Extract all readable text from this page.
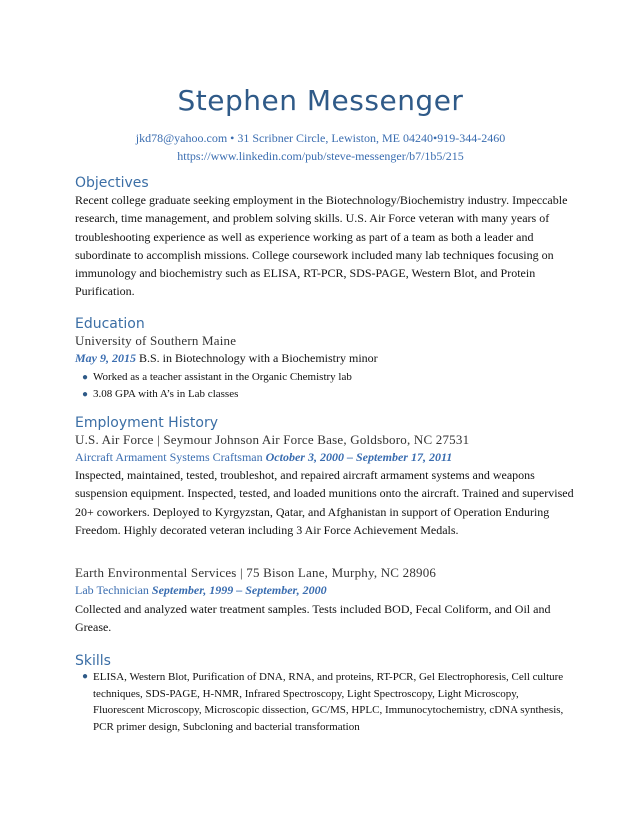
Stephen Messenger
jkd78@yahoo.com • 31 Scribner Circle, Lewiston, ME 04240•919-344-2460
https://www.linkedin.com/pub/steve-messenger/b7/1b5/215
Objectives
Recent college graduate seeking employment in the Biotechnology/Biochemistry industry. Impeccable research, time management, and problem solving skills. U.S. Air Force veteran with many years of troubleshooting experience as well as experience working as part of a team as both a leader and subordinate to accomplish missions. College coursework included many lab techniques focusing on immunology and biochemistry such as ELISA, RT-PCR, SDS-PAGE, Western Blot, and Protein Purification.
Education
University of Southern Maine
May 9, 2015 B.S. in Biotechnology with a Biochemistry minor
● Worked as a teacher assistant in the Organic Chemistry lab
● 3.08 GPA with A’s in Lab classes
Employment History
U.S. Air Force | Seymour Johnson Air Force Base, Goldsboro, NC 27531
Aircraft Armament Systems Craftsman October 3, 2000 – September 17, 2011
Inspected, maintained, tested, troubleshot, and repaired aircraft armament systems and weapons suspension equipment. Inspected, tested, and loaded munitions onto the aircraft. Trained and supervised 20+ coworkers. Deployed to Kyrgyzstan, Qatar, and Afghanistan in support of Operation Enduring Freedom. Highly decorated veteran including 3 Air Force Achievement Medals.
Earth Environmental Services | 75 Bison Lane, Murphy, NC 28906
Lab Technician September, 1999 – September, 2000
Collected and analyzed water treatment samples. Tests included BOD, Fecal Coliform, and Oil and Grease.
Skills
● ELISA, Western Blot, Purification of DNA, RNA, and proteins, RT-PCR, Gel Electrophoresis, Cell culture techniques, SDS-PAGE, H-NMR, Infrared Spectroscopy, Light Spectroscopy, Light Microscopy, Fluorescent Microscopy, Microscopic dissection, GC/MS, HPLC, Immunocytochemistry, cDNA synthesis, PCR primer design, Subcloning and bacterial transformation
